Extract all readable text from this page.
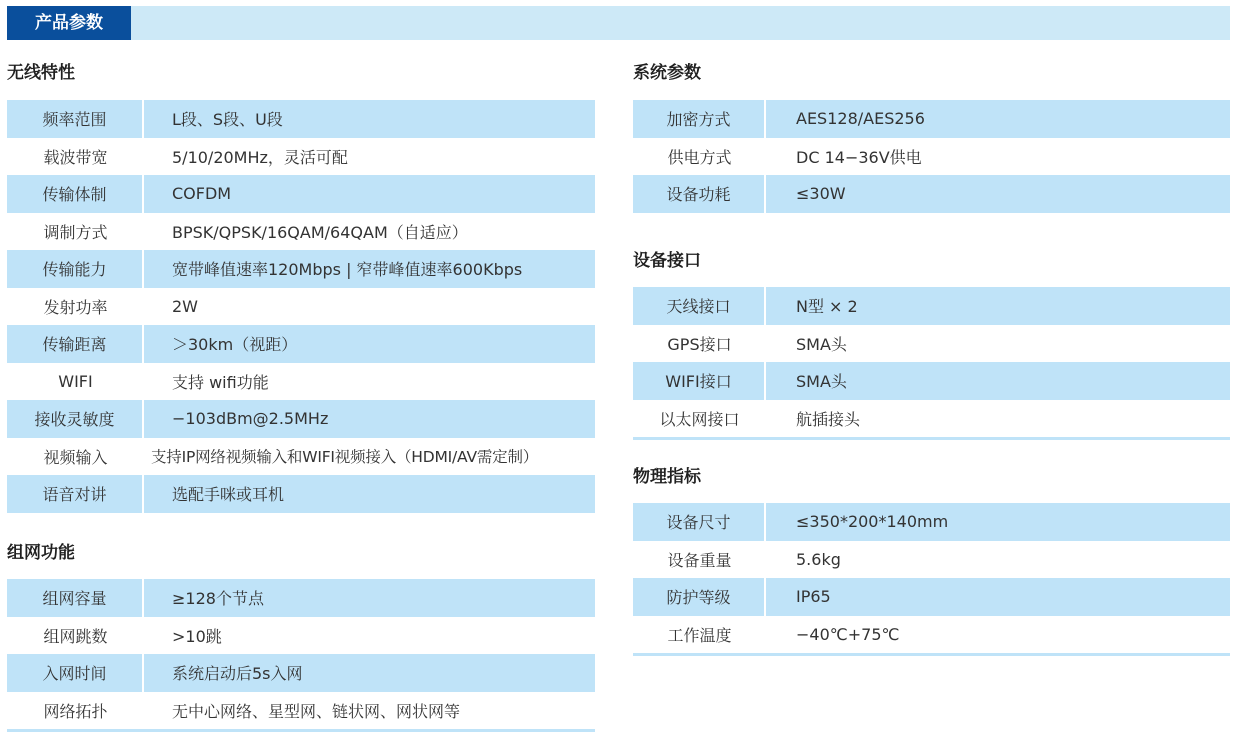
产品参数
无线特性
频率范围	L段、S段、U段
载波带宽	5/10/20MHz，灵活可配
传输体制	COFDM
调制方式	BPSK/QPSK/16QAM/64QAM（自适应）
传输能力	宽带峰值速率120Mbps | 窄带峰值速率600Kbps
发射功率	2W
传输距离	＞30km（视距）
WIFI	支持 wifi功能
接收灵敏度	−103dBm@2.5MHz
视频输入	支持IP网络视频输入和WIFI视频接入（HDMI/AV需定制）
语音对讲	选配手咪或耳机
组网功能
组网容量	≥128个节点
组网跳数	>10跳
入网时间	系统启动后5s入网
网络拓扑	无中心网络、星型网、链状网、网状网等
系统参数
加密方式	AES128/AES256
供电方式	DC 14−36V供电
设备功耗	≤30W
设备接口
天线接口	N型 × 2
GPS接口	SMA头
WIFI接口	SMA头
以太网接口	航插接头
物理指标
设备尺寸	≤350*200*140mm
设备重量	5.6kg
防护等级	IP65
工作温度	−40℃+75℃
